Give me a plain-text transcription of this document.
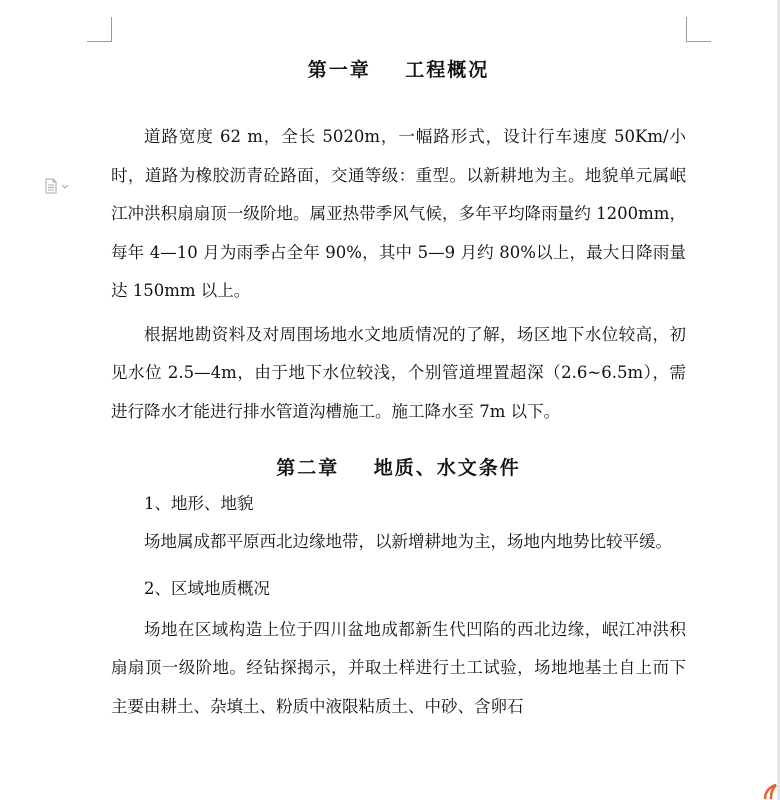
第一章    工程概况

道路宽度 62 m，全长 5020m，一幅路形式，设计行车速度 50Km/小时，道路为橡胶沥青砼路面，交通等级：重型。以新耕地为主。地貌单元属岷江冲洪积扇扇顶一级阶地。属亚热带季风气候，多年平均降雨量约 1200mm，每年 4—10 月为雨季占全年 90%，其中 5—9 月约 80%以上，最大日降雨量达 150mm 以上。

根据地勘资料及对周围场地水文地质情况的了解，场区地下水位较高，初见水位 2.5—4m，由于地下水位较浅，个别管道埋置超深（2.6~6.5m），需进行降水才能进行排水管道沟槽施工。施工降水至 7m 以下。

第二章    地质、水文条件

1、地形、地貌

场地属成都平原西北边缘地带，以新增耕地为主，场地内地势比较平缓。

2、区域地质概况

场地在区域构造上位于四川盆地成都新生代凹陷的西北边缘，岷江冲洪积扇扇顶一级阶地。经钻探揭示，并取土样进行土工试验，场地地基土自上而下主要由耕土、杂填土、粉质中液限粘质土、中砂、含卵石
